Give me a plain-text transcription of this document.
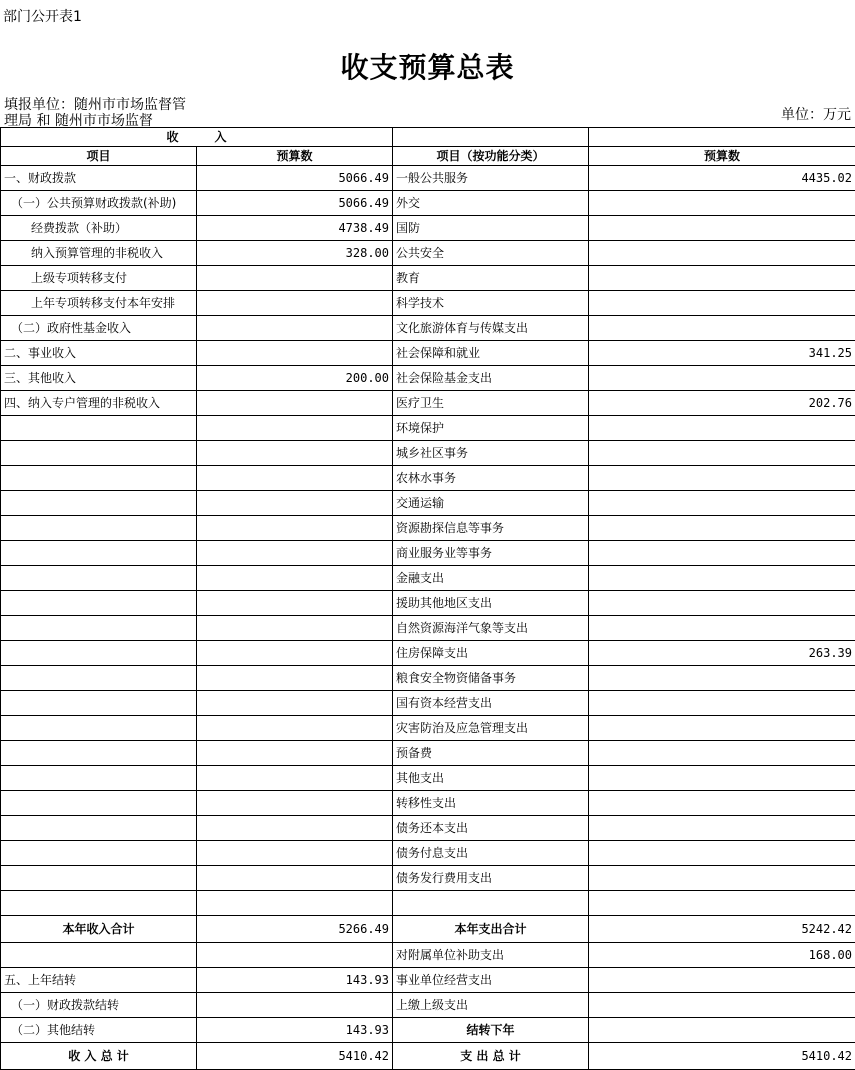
部门公开表1
收支预算总表
填报单位：随州市市场监督管理局 和 随州市市场监督	单位：万元
收　　　入			
项目	预算数	项目（按功能分类）	预算数
一、财政拨款	5066.49	一般公共服务	4435.02
（一）公共预算财政拨款(补助)	5066.49	外交	
经费拨款（补助）	4738.49	国防	
纳入预算管理的非税收入	328.00	公共安全	
上级专项转移支付		教育	
上年专项转移支付本年安排		科学技术	
（二）政府性基金收入		文化旅游体育与传媒支出	
二、事业收入		社会保障和就业	341.25
三、其他收入	200.00	社会保险基金支出	
四、纳入专户管理的非税收入		医疗卫生	202.76
		环境保护	
		城乡社区事务	
		农林水事务	
		交通运输	
		资源勘探信息等事务	
		商业服务业等事务	
		金融支出	
		援助其他地区支出	
		自然资源海洋气象等支出	
		住房保障支出	263.39
		粮食安全物资储备事务	
		国有资本经营支出	
		灾害防治及应急管理支出	
		预备费	
		其他支出	
		转移性支出	
		债务还本支出	
		债务付息支出	
		债务发行费用支出	

本年收入合计	5266.49	本年支出合计	5242.42
		对附属单位补助支出	168.00
五、上年结转	143.93	事业单位经营支出	
（一）财政拨款结转		上缴上级支出	
（二）其他结转	143.93	结转下年	
收 入 总 计	5410.42	支 出 总 计	5410.42
